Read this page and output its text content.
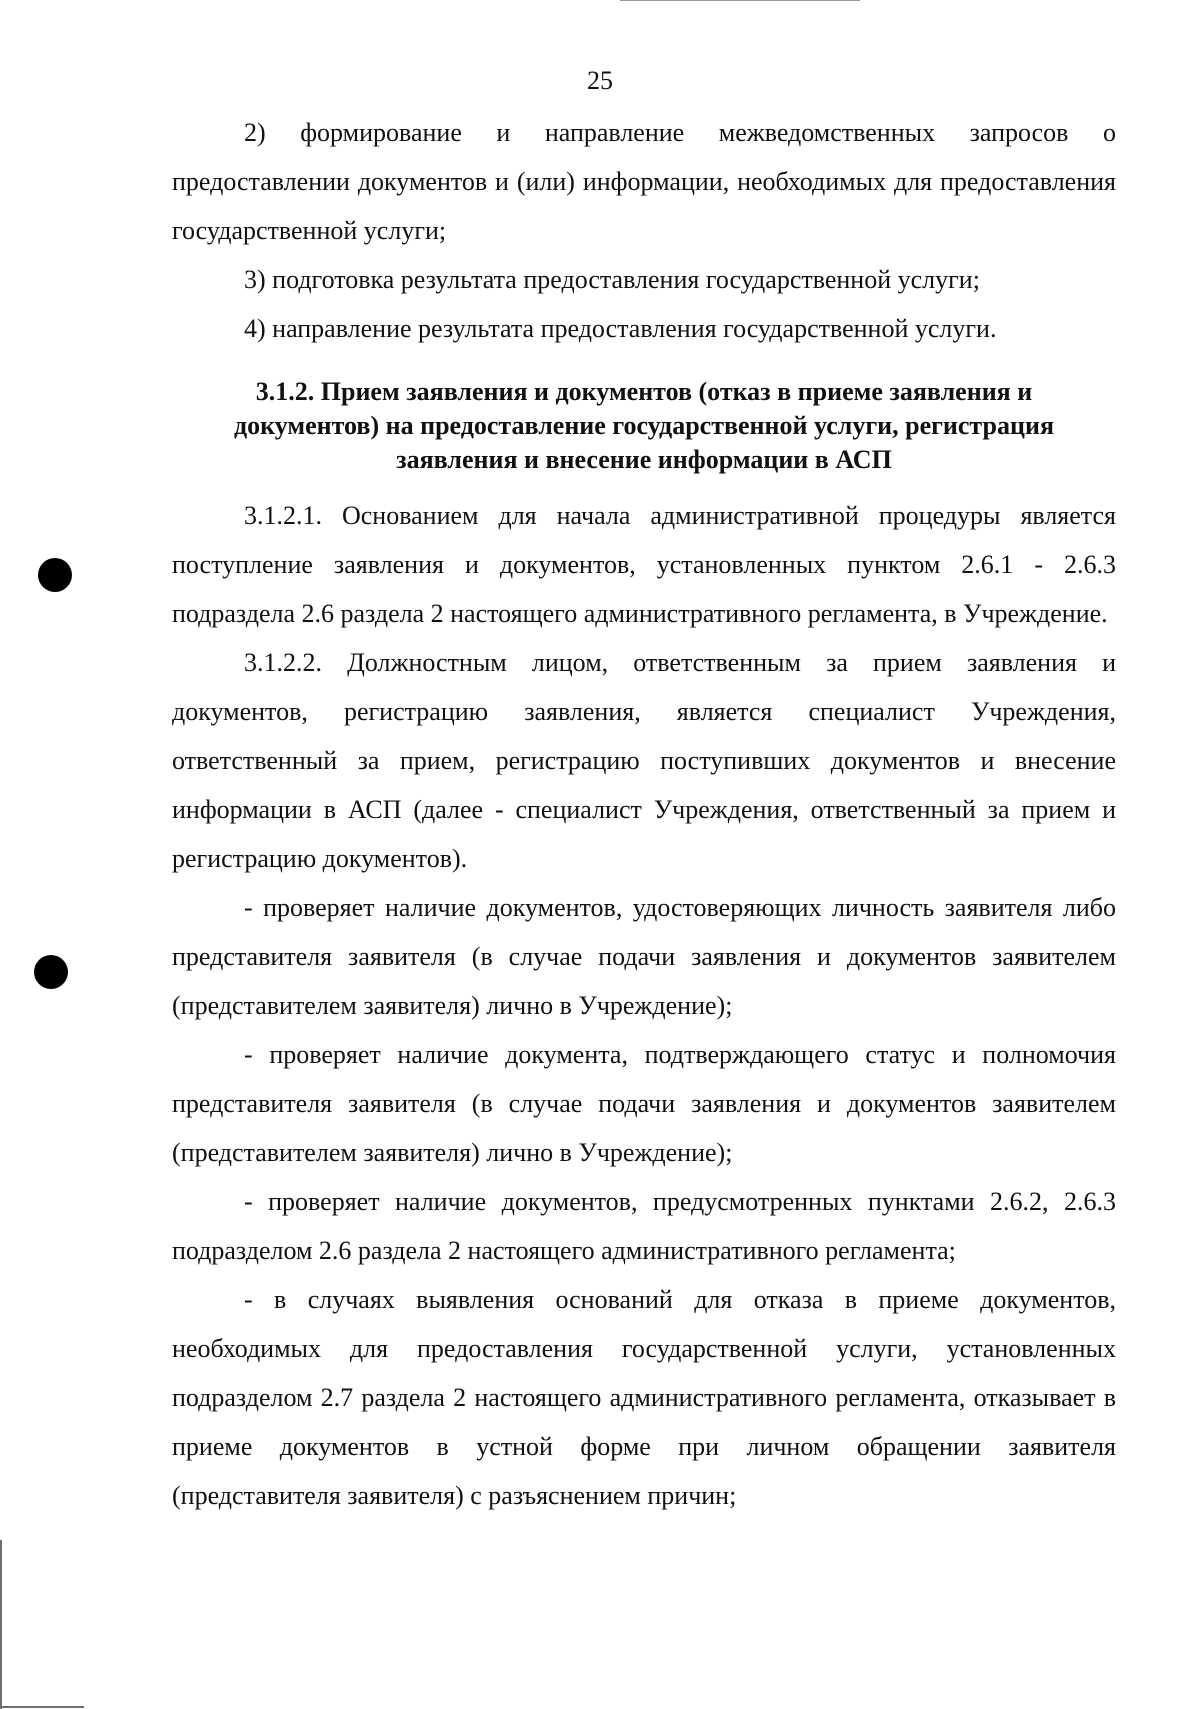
25

2) формирование и направление межведомственных запросов о предоставлении документов и (или) информации, необходимых для предоставления государственной услуги;

3) подготовка результата предоставления государственной услуги;

4) направление результата предоставления государственной услуги.

3.1.2. Прием заявления и документов (отказ в приеме заявления и документов) на предоставление государственной услуги, регистрация заявления и внесение информации в АСП

3.1.2.1. Основанием для начала административной процедуры является поступление заявления и документов, установленных пунктом 2.6.1 - 2.6.3 подраздела 2.6 раздела 2 настоящего административного регламента, в Учреждение.

3.1.2.2. Должностным лицом, ответственным за прием заявления и документов, регистрацию заявления, является специалист Учреждения, ответственный за прием, регистрацию поступивших документов и внесение информации в АСП (далее - специалист Учреждения, ответственный за прием и регистрацию документов).

- проверяет наличие документов, удостоверяющих личность заявителя либо представителя заявителя (в случае подачи заявления и документов заявителем (представителем заявителя) лично в Учреждение);

- проверяет наличие документа, подтверждающего статус и полномочия представителя заявителя (в случае подачи заявления и документов заявителем (представителем заявителя) лично в Учреждение);

- проверяет наличие документов, предусмотренных пунктами 2.6.2, 2.6.3 подразделом 2.6 раздела 2 настоящего административного регламента;

- в случаях выявления оснований для отказа в приеме документов, необходимых для предоставления государственной услуги, установленных подразделом 2.7 раздела 2 настоящего административного регламента, отказывает в приеме документов в устной форме при личном обращении заявителя (представителя заявителя) с разъяснением причин;
